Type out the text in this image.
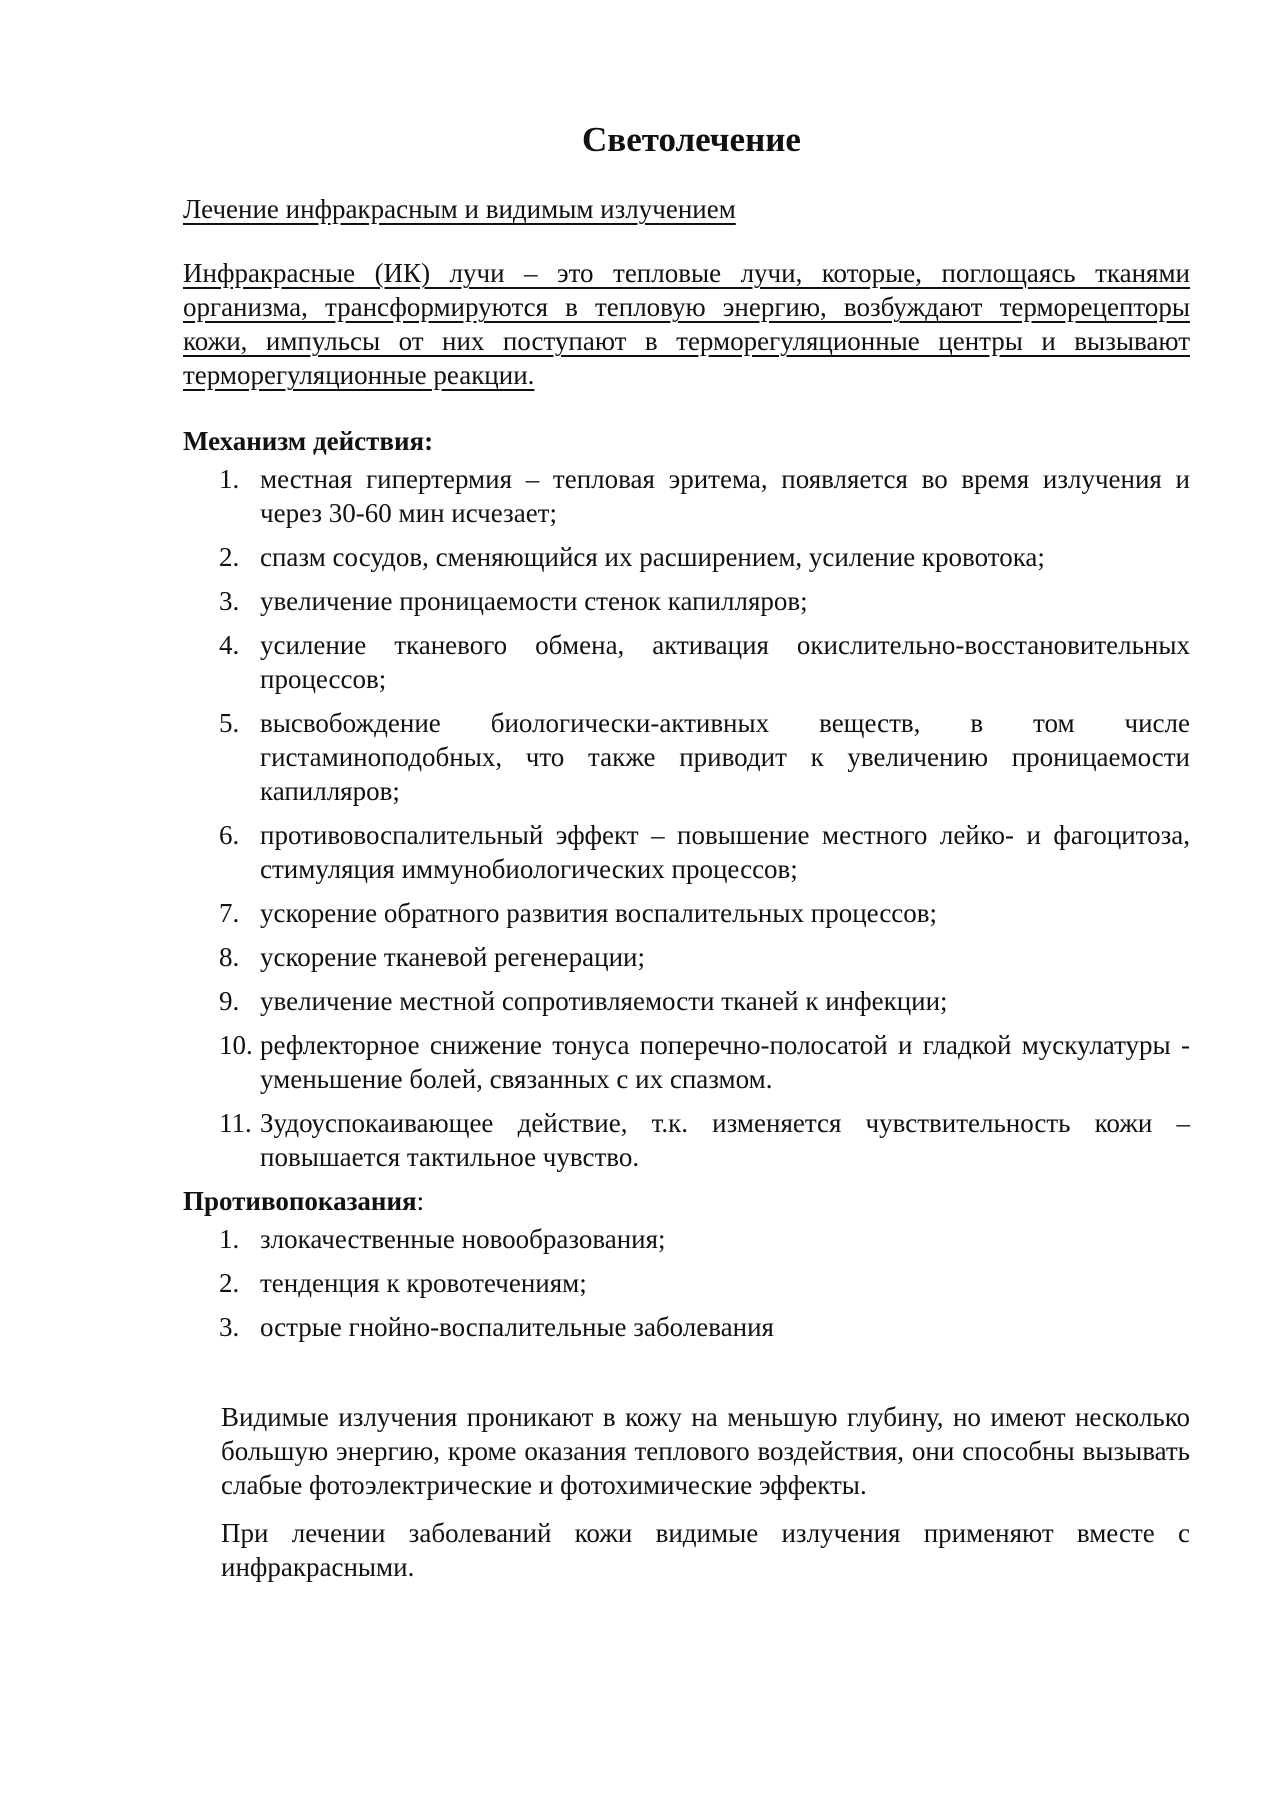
Светолечение
Лечение инфракрасным и видимым излучением

Инфракрасные (ИК) лучи – это тепловые лучи, которые, поглощаясь тканями организма, трансформируются в тепловую энергию, возбуждают терморецепторы кожи, импульсы от них поступают в терморегуляционные центры и вызывают терморегуляционные реакции.

Механизм действия:

1. местная гипертермия – тепловая эритема, появляется во время излучения и через 30-60 мин исчезает;
2. спазм сосудов, сменяющийся их расширением, усиление кровотока;
3. увеличение проницаемости стенок капилляров;
4. усиление тканевого обмена, активация окислительно-восстановительных процессов;
5. высвобождение биологически-активных веществ, в том числе гистаминоподобных, что также приводит к увеличению проницаемости капилляров;
6. противовоспалительный эффект – повышение местного лейко- и фагоцитоза, стимуляция иммунобиологических процессов;
7. ускорение обратного развития воспалительных процессов;
8. ускорение тканевой регенерации;
9. увеличение местной сопротивляемости тканей к инфекции;
10. рефлекторное снижение тонуса поперечно-полосатой и гладкой мускулатуры - уменьшение болей, связанных с их спазмом.
11. Зудоуспокаивающее действие, т.к. изменяется чувствительность кожи – повышается тактильное чувство.

Противопоказания:

1. злокачественные новообразования;
2. тенденция к кровотечениям;
3. острые гнойно-воспалительные заболевания

Видимые излучения проникают в кожу на меньшую глубину, но имеют несколько большую энергию, кроме оказания теплового воздействия, они способны вызывать слабые фотоэлектрические и фотохимические эффекты.

При лечении заболеваний кожи видимые излучения применяют вместе с инфракрасными.
